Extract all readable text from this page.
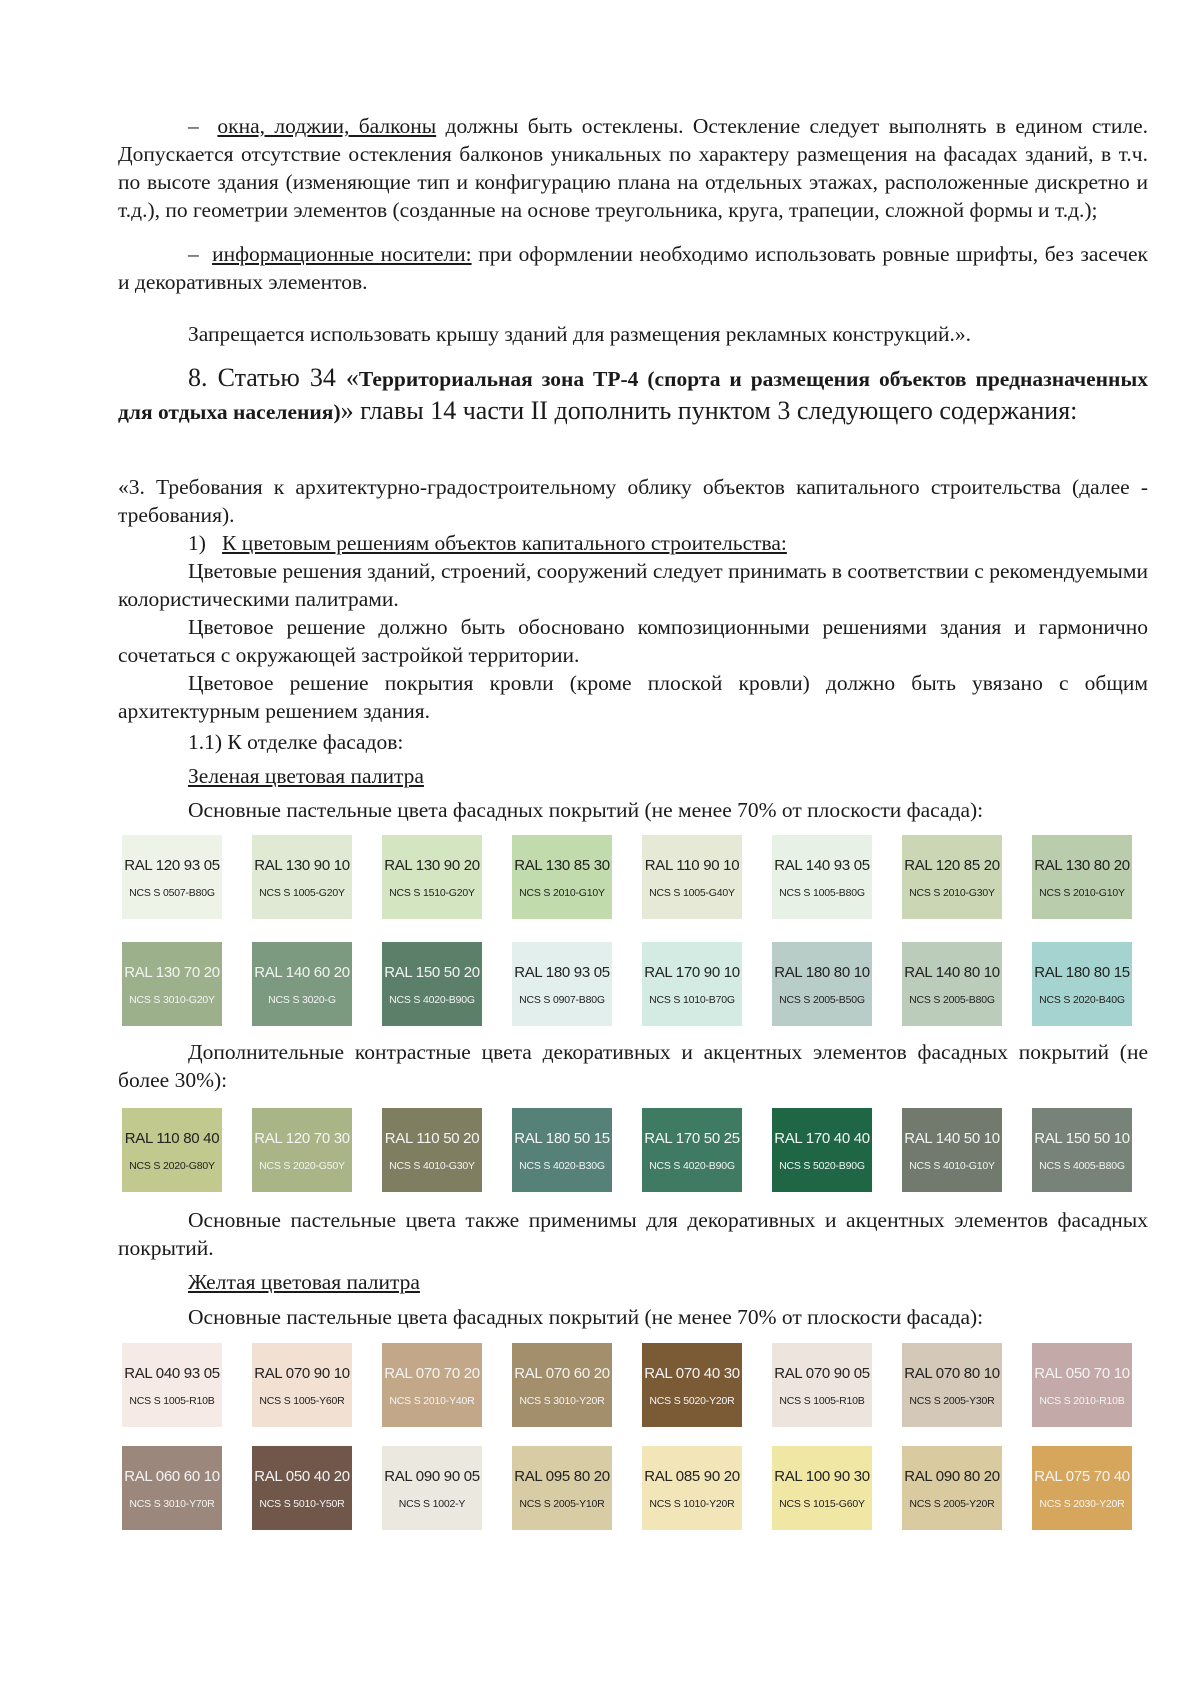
– окна, лоджии, балконы должны быть остеклены. Остекление следует выполнять в едином стиле. Допускается отсутствие остекления балконов уникальных по характеру размещения на фасадах зданий, в т.ч. по высоте здания (изменяющие тип и конфигурацию плана на отдельных этажах, расположенные дискретно и т.д.), по геометрии элементов (созданные на основе треугольника, круга, трапеции, сложной формы и т.д.);

– информационные носители: при оформлении необходимо использовать ровные шрифты, без засечек и декоративных элементов.

Запрещается использовать крышу зданий для размещения рекламных конструкций.».

8. Статью 34 «Территориальная зона ТР-4 (спорта и размещения объектов предназначенных для отдыха населения)» главы 14 части II дополнить пунктом 3 следующего содержания:

«3. Требования к архитектурно-градостроительному облику объектов капитального строительства (далее - требования).

1) К цветовым решениям объектов капитального строительства:

Цветовые решения зданий, строений, сооружений следует принимать в соответствии с рекомендуемыми колористическими палитрами.

Цветовое решение должно быть обосновано композиционными решениями здания и гармонично сочетаться с окружающей застройкой территории.

Цветовое решение покрытия кровли (кроме плоской кровли) должно быть увязано с общим архитектурным решением здания.

1.1) К отделке фасадов:

Зеленая цветовая палитра

Основные пастельные цвета фасадных покрытий (не менее 70% от плоскости фасада):

RAL 120 93 05
NCS S 0507-B80G
RAL 130 90 10
NCS S 1005-G20Y
RAL 130 90 20
NCS S 1510-G20Y
RAL 130 85 30
NCS S 2010-G10Y
RAL 110 90 10
NCS S 1005-G40Y
RAL 140 93 05
NCS S 1005-B80G
RAL 120 85 20
NCS S 2010-G30Y
RAL 130 80 20
NCS S 2010-G10Y
RAL 130 70 20
NCS S 3010-G20Y
RAL 140 60 20
NCS S 3020-G
RAL 150 50 20
NCS S 4020-B90G
RAL 180 93 05
NCS S 0907-B80G
RAL 170 90 10
NCS S 1010-B70G
RAL 180 80 10
NCS S 2005-B50G
RAL 140 80 10
NCS S 2005-B80G
RAL 180 80 15
NCS S 2020-B40G

Дополнительные контрастные цвета декоративных и акцентных элементов фасадных покрытий (не более 30%):

RAL 110 80 40
NCS S 2020-G80Y
RAL 120 70 30
NCS S 2020-G50Y
RAL 110 50 20
NCS S 4010-G30Y
RAL 180 50 15
NCS S 4020-B30G
RAL 170 50 25
NCS S 4020-B90G
RAL 170 40 40
NCS S 5020-B90G
RAL 140 50 10
NCS S 4010-G10Y
RAL 150 50 10
NCS S 4005-B80G

Основные пастельные цвета также применимы для декоративных и акцентных элементов фасадных покрытий.

Желтая цветовая палитра

Основные пастельные цвета фасадных покрытий (не менее 70% от плоскости фасада):

RAL 040 93 05
NCS S 1005-R10B
RAL 070 90 10
NCS S 1005-Y60R
RAL 070 70 20
NCS S 2010-Y40R
RAL 070 60 20
NCS S 3010-Y20R
RAL 070 40 30
NCS S 5020-Y20R
RAL 070 90 05
NCS S 1005-R10B
RAL 070 80 10
NCS S 2005-Y30R
RAL 050 70 10
NCS S 2010-R10B
RAL 060 60 10
NCS S 3010-Y70R
RAL 050 40 20
NCS S 5010-Y50R
RAL 090 90 05
NCS S 1002-Y
RAL 095 80 20
NCS S 2005-Y10R
RAL 085 90 20
NCS S 1010-Y20R
RAL 100 90 30
NCS S 1015-G60Y
RAL 090 80 20
NCS S 2005-Y20R
RAL 075 70 40
NCS S 2030-Y20R
